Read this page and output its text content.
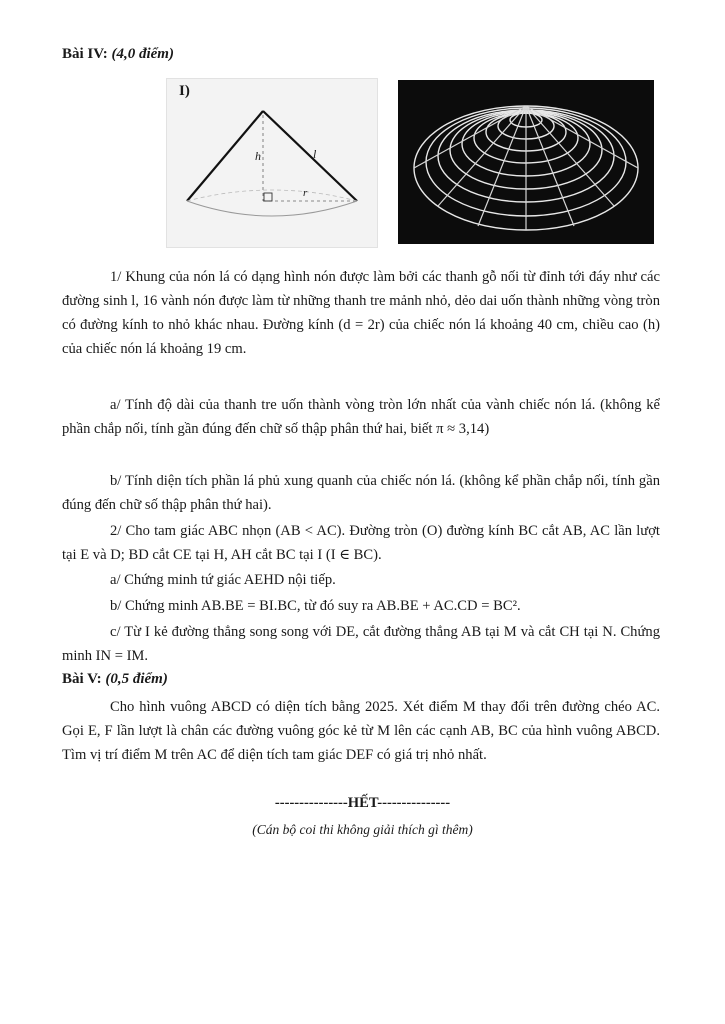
Bài IV: (4,0 điểm)
I)
h	l
r
1/ Khung của nón lá có dạng hình nón được làm bởi các thanh gỗ nối từ đỉnh tới đáy như các đường sinh l, 16 vành nón được làm từ những thanh tre mảnh nhỏ, dẻo dai uốn thành những vòng tròn có đường kính to nhỏ khác nhau. Đường kính (d = 2r) của chiếc nón lá khoảng 40 cm, chiều cao (h) của chiếc nón lá khoảng 19 cm.
a/ Tính độ dài của thanh tre uốn thành vòng tròn lớn nhất của vành chiếc nón lá. (không kể phần chắp nối, tính gần đúng đến chữ số thập phân thứ hai, biết π ≈ 3,14)
b/ Tính diện tích phần lá phủ xung quanh của chiếc nón lá. (không kể phần chắp nối, tính gần đúng đến chữ số thập phân thứ hai).
2/ Cho tam giác ABC nhọn (AB < AC). Đường tròn (O) đường kính BC cắt AB, AC lần lượt tại E và D; BD cắt CE tại H, AH cắt BC tại I (I ∈ BC).
a/ Chứng minh tứ giác AEHD nội tiếp.
b/ Chứng minh AB.BE = BI.BC, từ đó suy ra AB.BE + AC.CD = BC².
c/ Từ I kẻ đường thẳng song song với DE, cắt đường thẳng AB tại M và cắt CH tại N. Chứng minh IN = IM.
Bài V: (0,5 điểm)
Cho hình vuông ABCD có diện tích bằng 2025. Xét điểm M thay đổi trên đường chéo AC. Gọi E, F lần lượt là chân các đường vuông góc kẻ từ M lên các cạnh AB, BC của hình vuông ABCD. Tìm vị trí điểm M trên AC để diện tích tam giác DEF có giá trị nhỏ nhất.
---------------HẾT---------------
(Cán bộ coi thi không giải thích gì thêm)
